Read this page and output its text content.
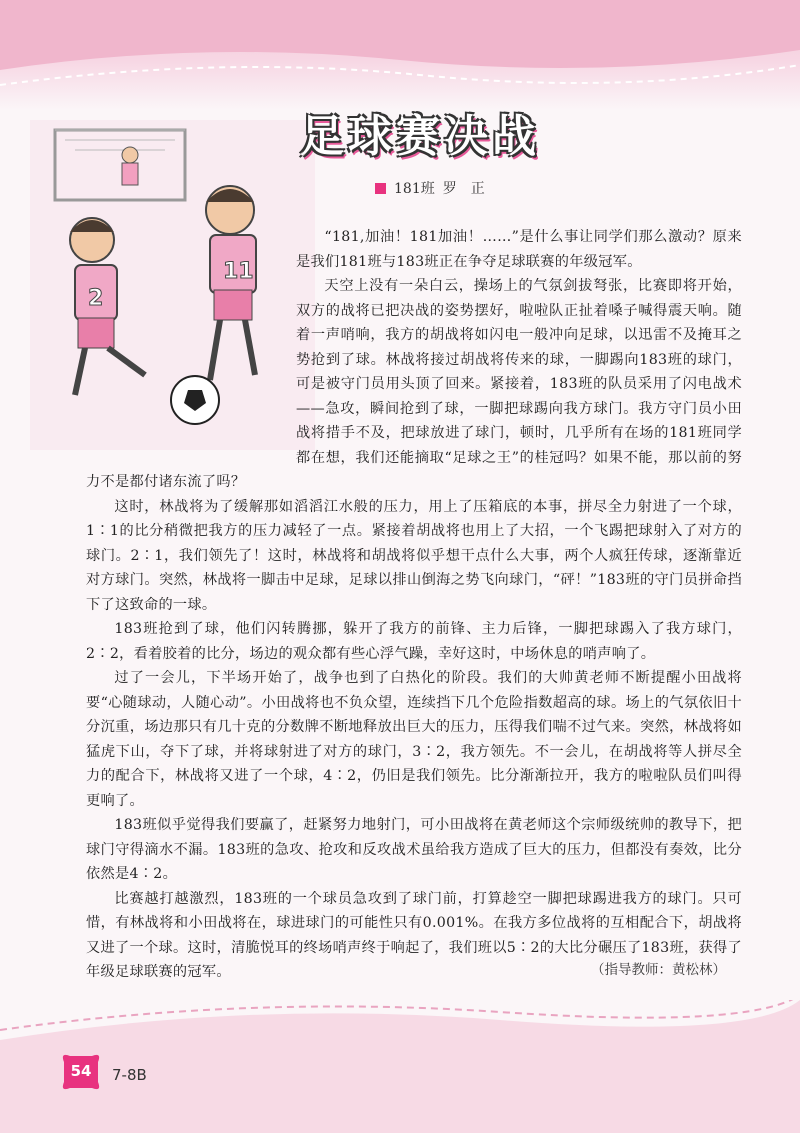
2
11
足球赛决战
181班 罗　正

“181,加油！181加油！……”是什么事让同学们那么激动？原来是我们181班与183班正在争夺足球联赛的年级冠军。

天空上没有一朵白云，操场上的气氛剑拔弩张，比赛即将开始，双方的战将已把决战的姿势摆好，啦啦队正扯着嗓子喊得震天响。随着一声哨响，我方的胡战将如闪电一般冲向足球，以迅雷不及掩耳之势抢到了球。林战将接过胡战将传来的球，一脚踢向183班的球门，可是被守门员用头顶了回来。紧接着，183班的队员采用了闪电战术——急攻，瞬间抢到了球，一脚把球踢向我方球门。我方守门员小田战将措手不及，把球放进了球门，顿时，几乎所有在场的181班同学都在想，我们还能摘取“足球之王”的桂冠吗？如果不能，那以前的努力不是都付诸东流了吗？

这时，林战将为了缓解那如滔滔江水般的压力，用上了压箱底的本事，拼尽全力射进了一个球，1∶1的比分稍微把我方的压力减轻了一点。紧接着胡战将也用上了大招，一个飞踢把球射入了对方的球门。2∶1，我们领先了！这时，林战将和胡战将似乎想干点什么大事，两个人疯狂传球，逐渐靠近对方球门。突然，林战将一脚击中足球，足球以排山倒海之势飞向球门，“砰！”183班的守门员拼命挡下了这致命的一球。

183班抢到了球，他们闪转腾挪，躲开了我方的前锋、主力后锋，一脚把球踢入了我方球门，2∶2，看着胶着的比分，场边的观众都有些心浮气躁，幸好这时，中场休息的哨声响了。

过了一会儿，下半场开始了，战争也到了白热化的阶段。我们的大帅黄老师不断提醒小田战将要“心随球动，人随心动”。小田战将也不负众望，连续挡下几个危险指数超高的球。场上的气氛依旧十分沉重，场边那只有几十克的分数牌不断地释放出巨大的压力，压得我们喘不过气来。突然，林战将如猛虎下山，夺下了球，并将球射进了对方的球门，3∶2，我方领先。不一会儿，在胡战将等人拼尽全力的配合下，林战将又进了一个球，4∶2，仍旧是我们领先。比分渐渐拉开，我方的啦啦队员们叫得更响了。

183班似乎觉得我们要赢了，赶紧努力地射门，可小田战将在黄老师这个宗师级统帅的教导下，把球门守得滴水不漏。183班的急攻、抢攻和反攻战术虽给我方造成了巨大的压力，但都没有奏效，比分依然是4∶2。

比赛越打越激烈，183班的一个球员急攻到了球门前，打算趁空一脚把球踢进我方的球门。只可惜，有林战将和小田战将在，球进球门的可能性只有0.001%。在我方多位战将的互相配合下，胡战将又进了一个球。这时，清脆悦耳的终场哨声终于响起了，我们班以5∶2的大比分碾压了183班，获得了年级足球联赛的冠军。	（指导教师：黄松林）
54	7-8B
